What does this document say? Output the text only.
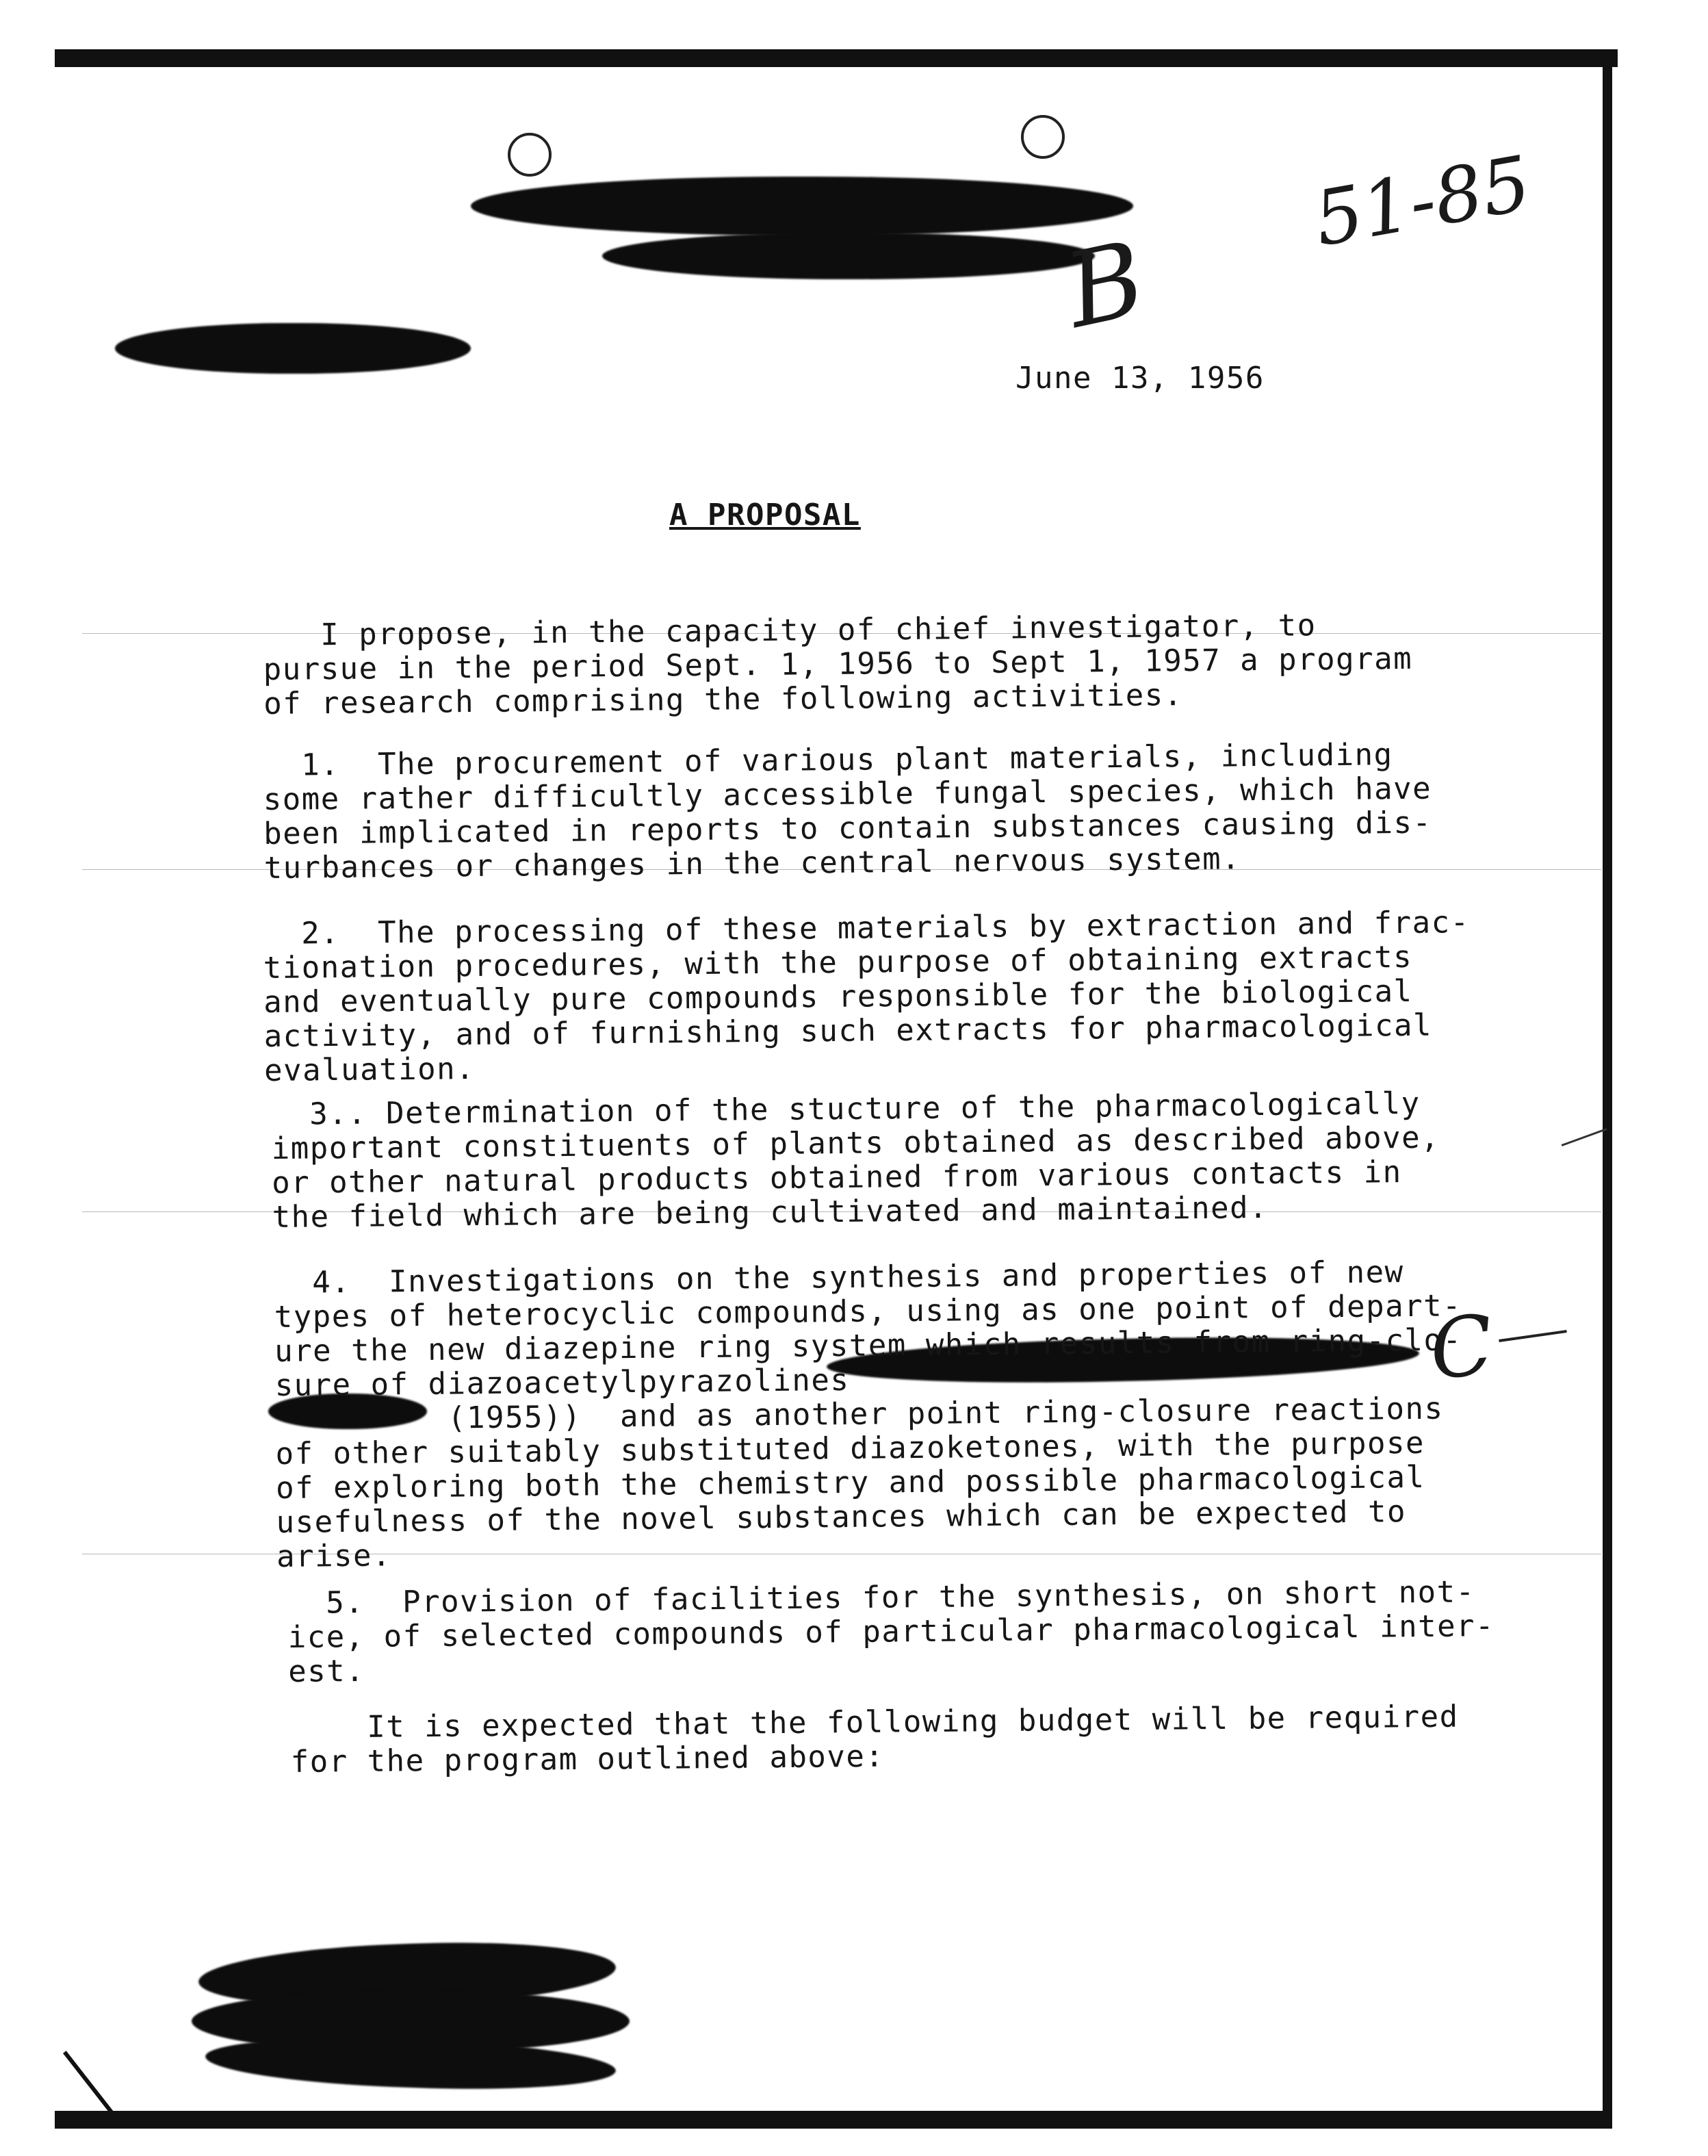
51-85
B
C
June 13, 1956
A PROPOSAL
I propose, in the capacity of chief investigator, to
pursue in the period Sept. 1, 1956 to Sept 1, 1957 a program
of research comprising the following activities.
1.  The procurement of various plant materials, including
some rather difficultly accessible fungal species, which have
been implicated in reports to contain substances causing dis-
turbances or changes in the central nervous system.
2.  The processing of these materials by extraction and frac-
tionation procedures, with the purpose of obtaining extracts
and eventually pure compounds responsible for the biological
activity, and of furnishing such extracts for pharmacological
evaluation.
3.. Determination of the stucture of the pharmacologically
important constituents of plants obtained as described above,
or other natural products obtained from various contacts in
the field which are being cultivated and maintained.
4.  Investigations on the synthesis and properties of new
types of heterocyclic compounds, using as one point of depart-
ure the new diazepine ring system which results from ring-clo-
sure of diazoacetylpyrazolines
(1955))  and as another point ring-closure reactions
of other suitably substituted diazoketones, with the purpose
of exploring both the chemistry and possible pharmacological
usefulness of the novel substances which can be expected to
arise.
5.  Provision of facilities for the synthesis, on short not-
ice, of selected compounds of particular pharmacological inter-
est.
It is expected that the following budget will be required
for the program outlined above:
